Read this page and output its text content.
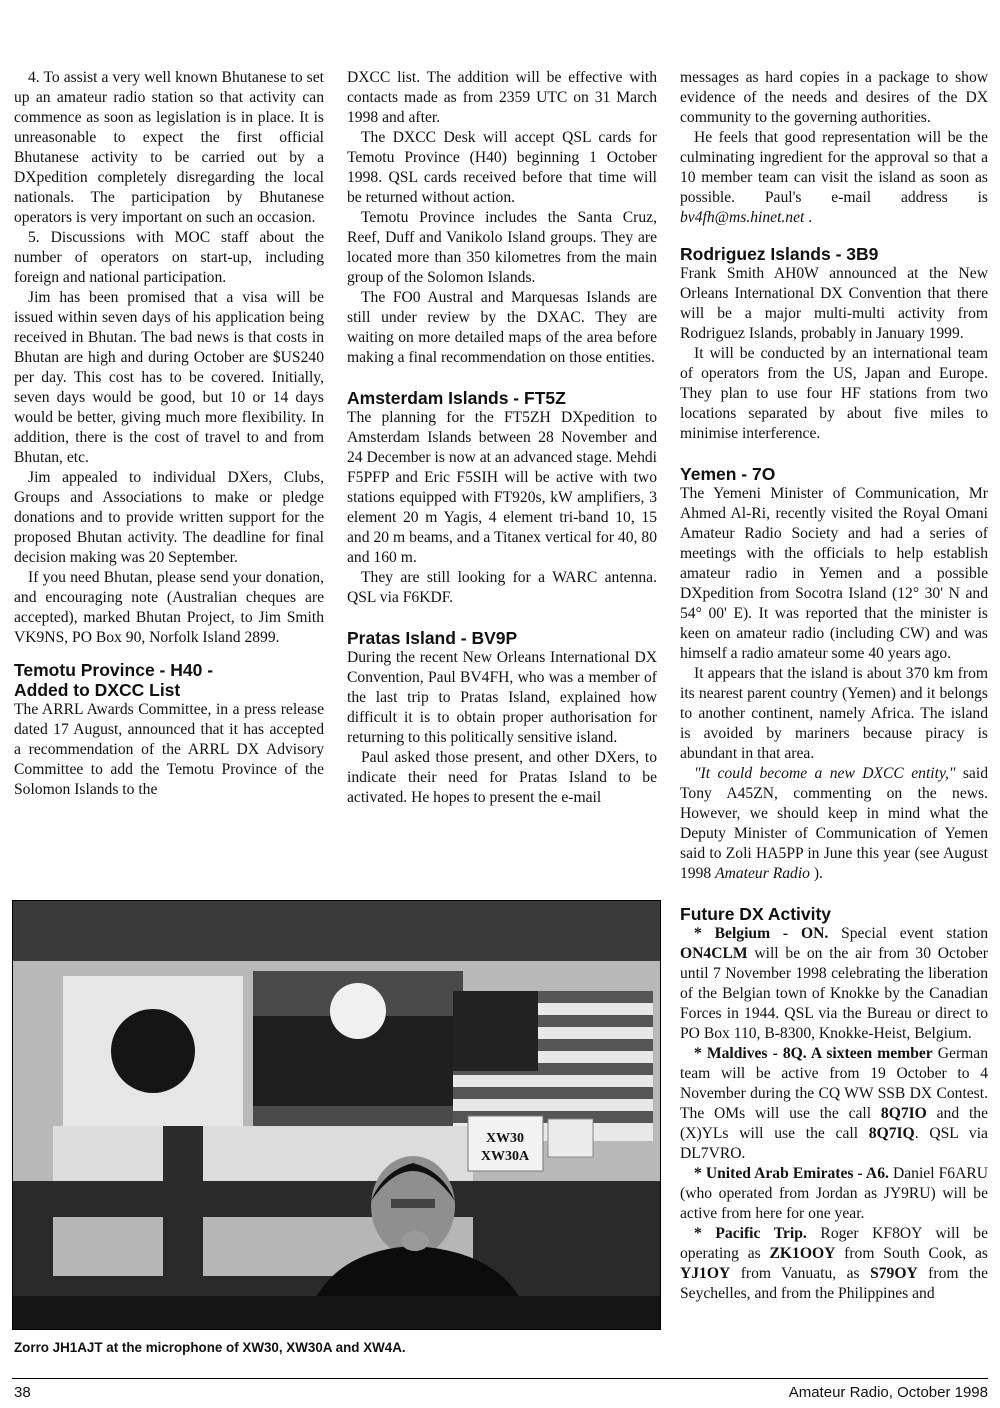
4. To assist a very well known Bhutanese to set up an amateur radio station so that activity can commence as soon as legislation is in place. It is unreasonable to expect the first official Bhutanese activity to be carried out by a DXpedition completely disregarding the local nationals. The participation by Bhutanese operators is very important on such an occasion.

5. Discussions with MOC staff about the number of operators on start-up, including foreign and national participation.

Jim has been promised that a visa will be issued within seven days of his application being received in Bhutan. The bad news is that costs in Bhutan are high and during October are $US240 per day. This cost has to be covered. Initially, seven days would be good, but 10 or 14 days would be better, giving much more flexibility. In addition, there is the cost of travel to and from Bhutan, etc.

Jim appealed to individual DXers, Clubs, Groups and Associations to make or pledge donations and to provide written support for the proposed Bhutan activity. The deadline for final decision making was 20 September.

If you need Bhutan, please send your donation, and encouraging note (Australian cheques are accepted), marked Bhutan Project, to Jim Smith VK9NS, PO Box 90, Norfolk Island 2899.

Temotu Province - H40 -
Added to DXCC List

The ARRL Awards Committee, in a press release dated 17 August, announced that it has accepted a recommendation of the ARRL DX Advisory Committee to add the Temotu Province of the Solomon Islands to the

DXCC list. The addition will be effective with contacts made as from 2359 UTC on 31 March 1998 and after.

The DXCC Desk will accept QSL cards for Temotu Province (H40) beginning 1 October 1998. QSL cards received before that time will be returned without action.

Temotu Province includes the Santa Cruz, Reef, Duff and Vanikolo Island groups. They are located more than 350 kilometres from the main group of the Solomon Islands.

The FO0 Austral and Marquesas Islands are still under review by the DXAC. They are waiting on more detailed maps of the area before making a final recommendation on those entities.

Amsterdam Islands - FT5Z

The planning for the FT5ZH DXpedition to Amsterdam Islands between 28 November and 24 December is now at an advanced stage. Mehdi F5PFP and Eric F5SIH will be active with two stations equipped with FT920s, kW amplifiers, 3 element 20 m Yagis, 4 element tri-band 10, 15 and 20 m beams, and a Titanex vertical for 40, 80 and 160 m.

They are still looking for a WARC antenna. QSL via F6KDF.

Pratas Island - BV9P

During the recent New Orleans International DX Convention, Paul BV4FH, who was a member of the last trip to Pratas Island, explained how difficult it is to obtain proper authorisation for returning to this politically sensitive island.

Paul asked those present, and other DXers, to indicate their need for Pratas Island to be activated. He hopes to present the e-mail

messages as hard copies in a package to show evidence of the needs and desires of the DX community to the governing authorities.

He feels that good representation will be the culminating ingredient for the approval so that a 10 member team can visit the island as soon as possible. Paul's e-mail address is bv4fh@ms.hinet.net .

Rodriguez Islands - 3B9

Frank Smith AH0W announced at the New Orleans International DX Convention that there will be a major multi-multi activity from Rodriguez Islands, probably in January 1999.

It will be conducted by an international team of operators from the US, Japan and Europe. They plan to use four HF stations from two locations separated by about five miles to minimise interference.

Yemen - 7O

The Yemeni Minister of Communication, Mr Ahmed Al-Ri, recently visited the Royal Omani Amateur Radio Society and had a series of meetings with the officials to help establish amateur radio in Yemen and a possible DXpedition from Socotra Island (12° 30' N and 54° 00' E). It was reported that the minister is keen on amateur radio (including CW) and was himself a radio amateur some 40 years ago.

It appears that the island is about 370 km from its nearest parent country (Yemen) and it belongs to another continent, namely Africa. The island is avoided by mariners because piracy is abundant in that area.

"It could become a new DXCC entity," said Tony A45ZN, commenting on the news. However, we should keep in mind what the Deputy Minister of Communication of Yemen said to Zoli HA5PP in June this year (see August 1998 Amateur Radio ).

Future DX Activity

* Belgium - ON. Special event station ON4CLM will be on the air from 30 October until 7 November 1998 celebrating the liberation of the Belgian town of Knokke by the Canadian Forces in 1944. QSL via the Bureau or direct to PO Box 110, B-8300, Knokke-Heist, Belgium.

* Maldives - 8Q. A sixteen member German team will be active from 19 October to 4 November during the CQ WW SSB DX Contest. The OMs will use the call 8Q7IO and the (X)YLs will use the call 8Q7IQ. QSL via DL7VRO.

* United Arab Emirates - A6. Daniel F6ARU (who operated from Jordan as JY9RU) will be active from here for one year.

* Pacific Trip. Roger KF8OY will be operating as ZK1OOY from South Cook, as YJ1OY from Vanuatu, as S79OY from the Seychelles, and from the Philippines and

XW30
XW30A
Zorro JH1AJT at the microphone of XW30, XW30A and XW4A.
38	Amateur Radio, October 1998
